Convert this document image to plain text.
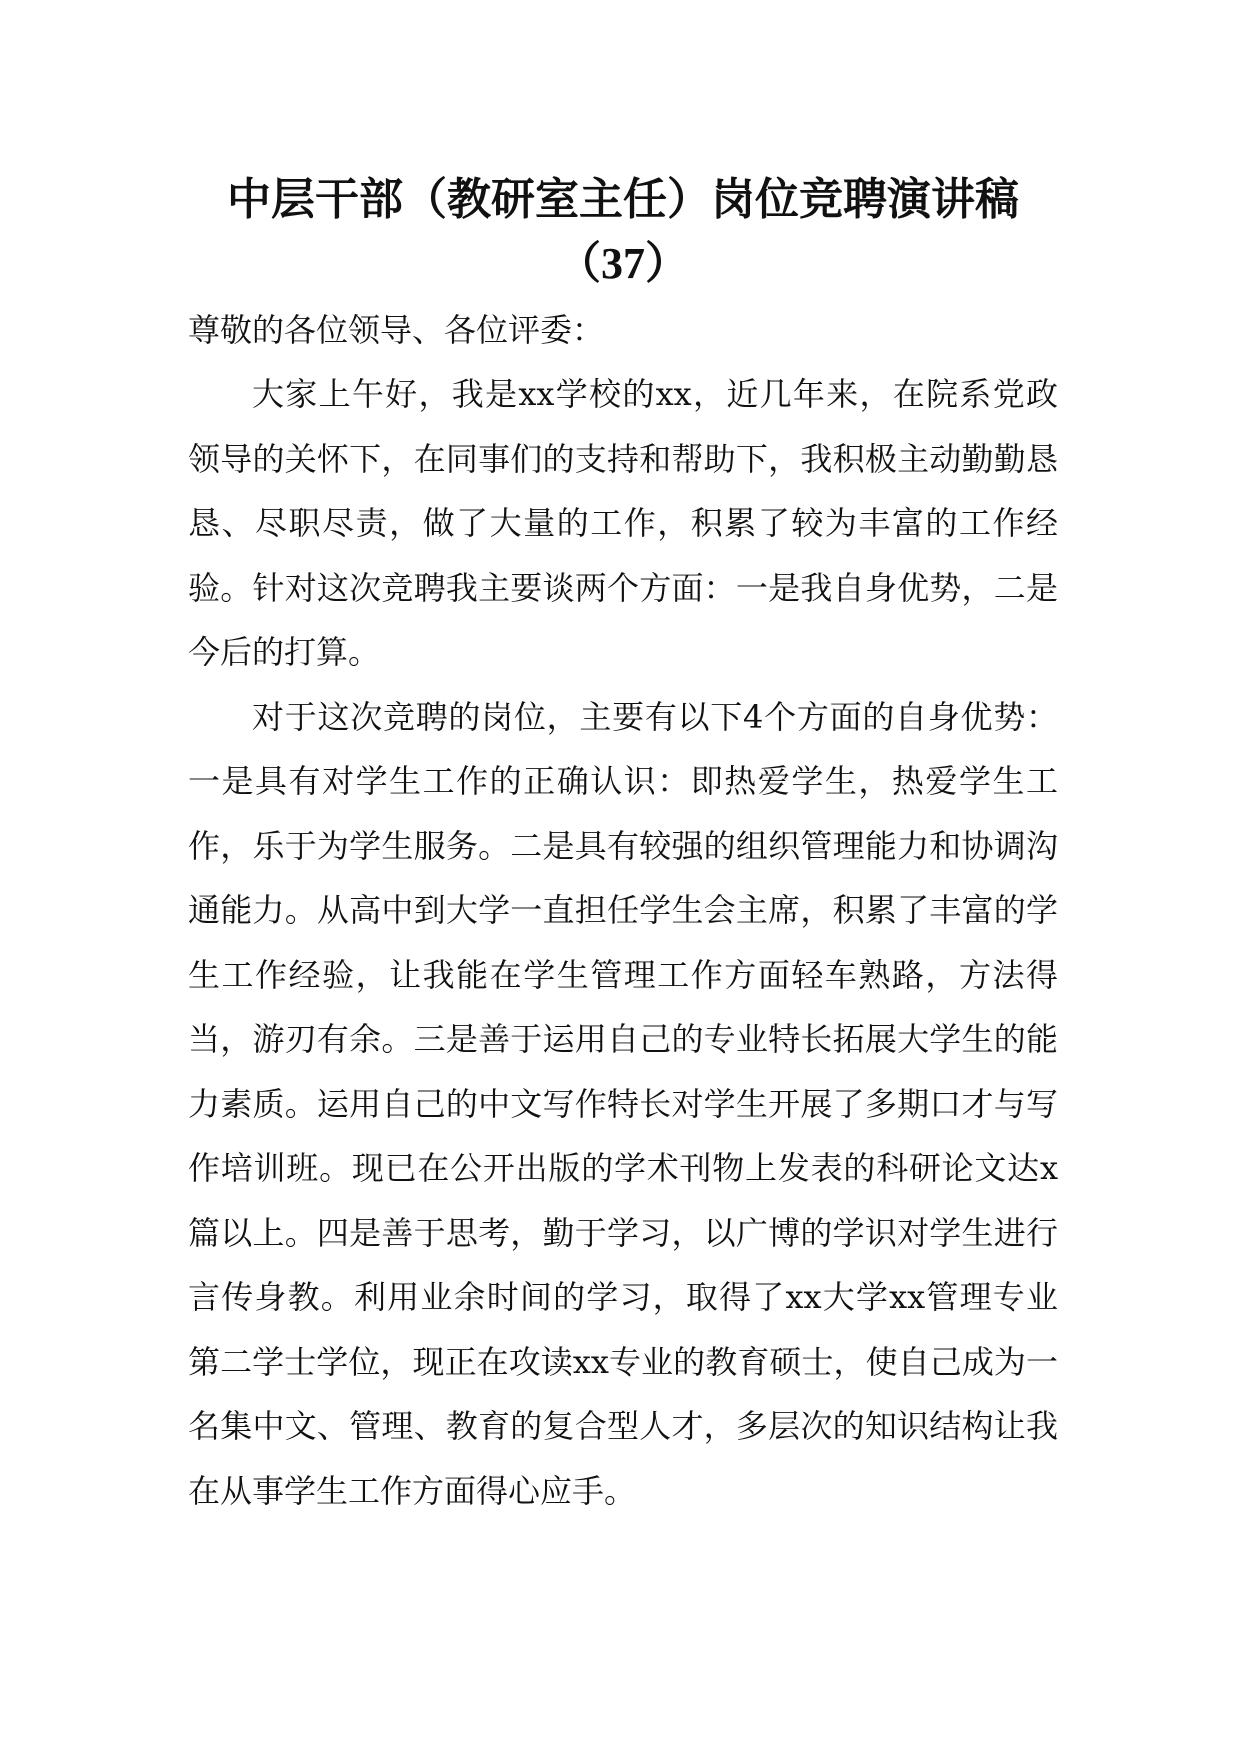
中层干部（教研室主任）岗位竞聘演讲稿
（37）

尊敬的各位领导、各位评委：

大家上午好，我是xx学校的xx，近几年来，在院系党政领导的关怀下，在同事们的支持和帮助下，我积极主动勤勤恳恳、尽职尽责，做了大量的工作，积累了较为丰富的工作经验。针对这次竞聘我主要谈两个方面：一是我自身优势，二是今后的打算。

对于这次竞聘的岗位，主要有以下4个方面的自身优势：一是具有对学生工作的正确认识：即热爱学生，热爱学生工作，乐于为学生服务。二是具有较强的组织管理能力和协调沟通能力。从高中到大学一直担任学生会主席，积累了丰富的学生工作经验，让我能在学生管理工作方面轻车熟路，方法得当，游刃有余。三是善于运用自己的专业特长拓展大学生的能力素质。运用自己的中文写作特长对学生开展了多期口才与写作培训班。现已在公开出版的学术刊物上发表的科研论文达x篇以上。四是善于思考，勤于学习，以广博的学识对学生进行言传身教。利用业余时间的学习，取得了xx大学xx管理专业第二学士学位，现正在攻读xx专业的教育硕士，使自己成为一名集中文、管理、教育的复合型人才，多层次的知识结构让我在从事学生工作方面得心应手。
